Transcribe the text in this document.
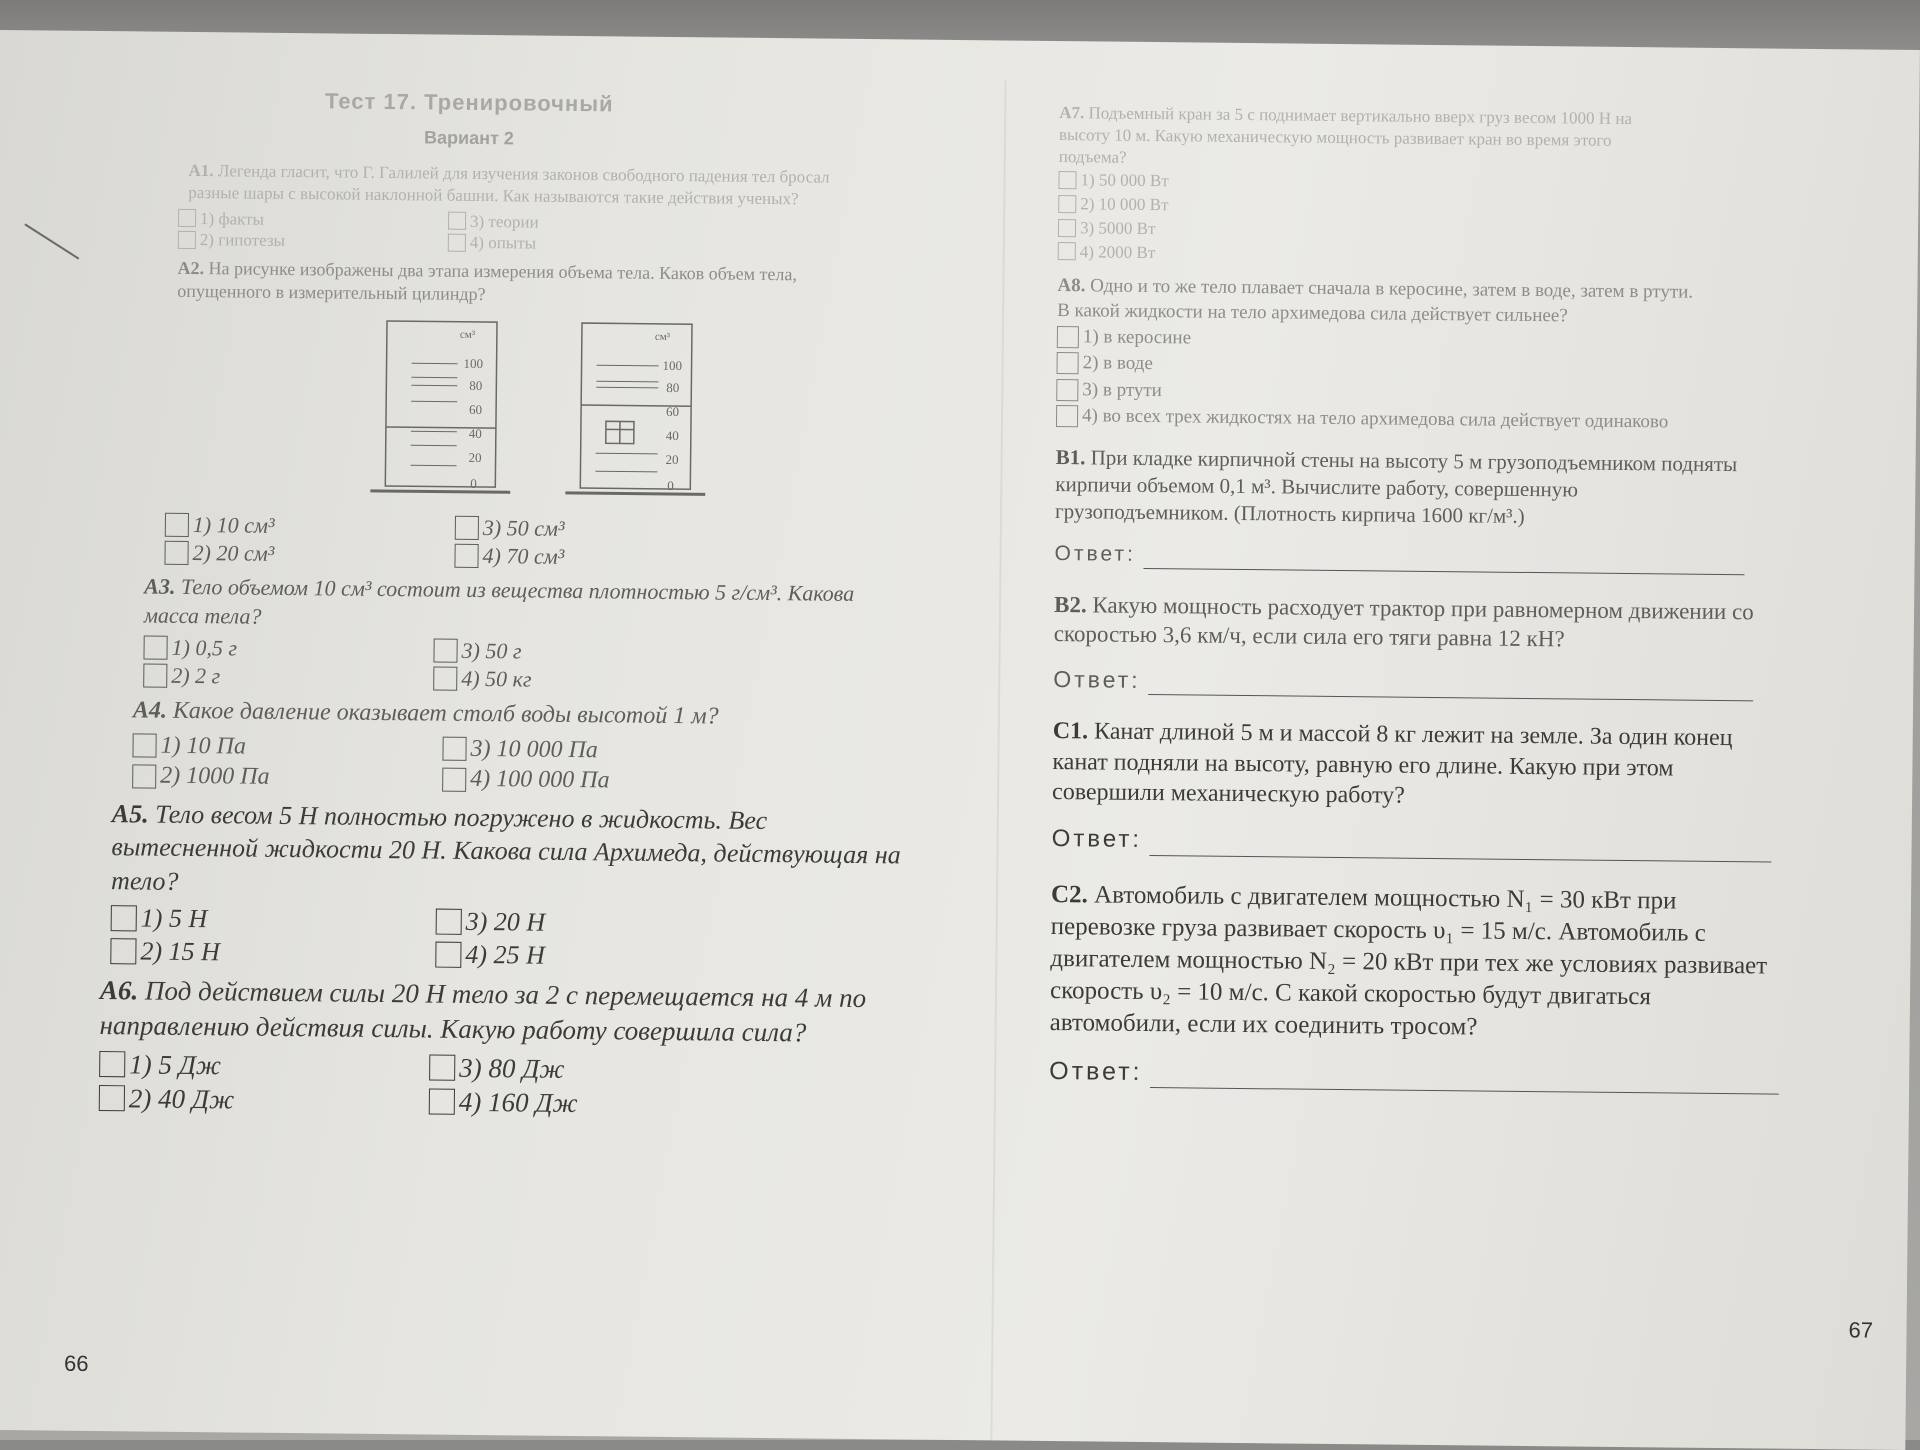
Тест 17. Тренировочный
Вариант 2
А1. Легенда гласит, что Г. Галилей для изучения законов свободного падения тел бросал разные шары с высокой наклонной башни. Как называются такие действия ученых?
1) факты	3) теории
2) гипотезы	4) опыты
А2. На рисунке изображены два этапа измерения объема тела. Каков объем тела, опущенного в измерительный цилиндр?
см³
100
80
60
40
20
0
см³
100
80
60
40
20
0
1) 10 см³	3) 50 см³
2) 20 см³	4) 70 см³
А3. Тело объемом 10 см³ состоит из вещества плотностью 5 г/см³. Какова масса тела?
1) 0,5 г	3) 50 г
2) 2 г	4) 50 кг
А4. Какое давление оказывает столб воды высотой 1 м?
1) 10 Па	3) 10 000 Па
2) 1000 Па	4) 100 000 Па
А5. Тело весом 5 Н полностью погружено в жидкость. Вес вытесненной жидкости 20 Н. Какова сила Архимеда, действующая на тело?
1) 5 Н	3) 20 Н
2) 15 Н	4) 25 Н
А6. Под действием силы 20 Н тело за 2 с перемещается на 4 м по направлению действия силы. Какую работу совершила сила?
1) 5 Дж	3) 80 Дж
2) 40 Дж	4) 160 Дж
66
А7. Подъемный кран за 5 с поднимает вертикально вверх груз весом 1000 Н на высоту 10 м. Какую механическую мощность развивает кран во время этого подъема?
1) 50 000 Вт
2) 10 000 Вт
3) 5000 Вт
4) 2000 Вт
А8. Одно и то же тело плавает сначала в керосине, затем в воде, затем в ртути. В какой жидкости на тело архимедова сила действует сильнее?
1) в керосине
2) в воде
3) в ртути
4) во всех трех жидкостях на тело архимедова сила действует одинаково
В1. При кладке кирпичной стены на высоту 5 м грузоподъемником подняты кирпичи объемом 0,1 м³. Вычислите работу, совершенную грузоподъемником. (Плотность кирпича 1600 кг/м³.)
Ответ:
В2. Какую мощность расходует трактор при равномерном движении со скоростью 3,6 км/ч, если сила его тяги равна 12 кН?
Ответ:
С1. Канат длиной 5 м и массой 8 кг лежит на земле. За один конец канат подняли на высоту, равную его длине. Какую при этом совершили механическую работу?
Ответ:
С2. Автомобиль с двигателем мощностью N₁ = 30 кВт при перевозке груза развивает скорость υ₁ = 15 м/с. Автомобиль с двигателем мощностью N₂ = 20 кВт при тех же условиях развивает скорость υ₂ = 10 м/с. С какой скоростью будут двигаться автомобили, если их соединить тросом?
Ответ:
67
